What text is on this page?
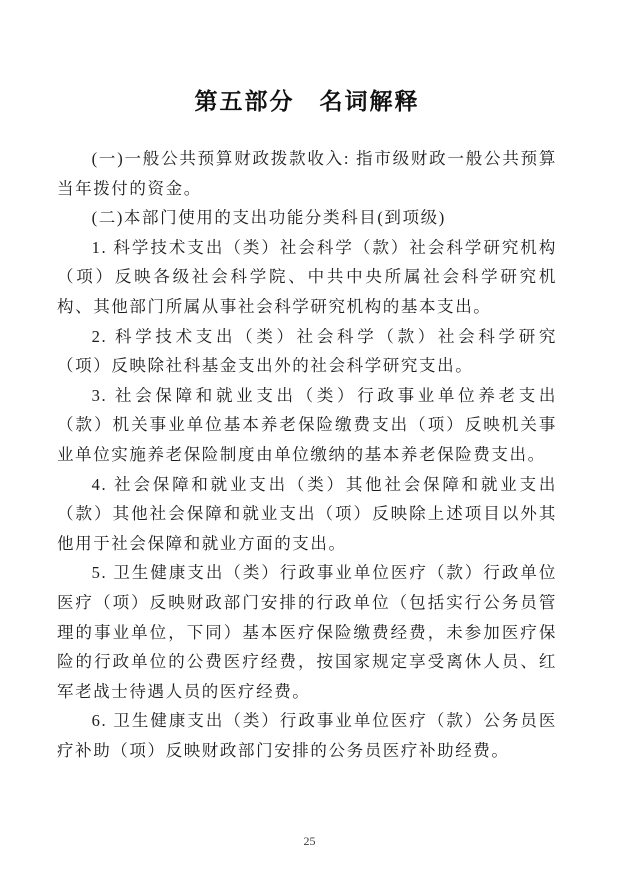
第五部分　名词解释

(一)一般公共预算财政拨款收入: 指市级财政一般公共预算当年拨付的资金。

(二)本部门使用的支出功能分类科目(到项级)

1. 科学技术支出（类）社会科学（款）社会科学研究机构（项）反映各级社会科学院、中共中央所属社会科学研究机构、其他部门所属从事社会科学研究机构的基本支出。

2. 科学技术支出（类）社会科学（款）社会科学研究（项）反映除社科基金支出外的社会科学研究支出。

3. 社会保障和就业支出（类）行政事业单位养老支出（款）机关事业单位基本养老保险缴费支出（项）反映机关事业单位实施养老保险制度由单位缴纳的基本养老保险费支出。

4. 社会保障和就业支出（类）其他社会保障和就业支出（款）其他社会保障和就业支出（项）反映除上述项目以外其他用于社会保障和就业方面的支出。

5. 卫生健康支出（类）行政事业单位医疗（款）行政单位医疗（项）反映财政部门安排的行政单位（包括实行公务员管理的事业单位，下同）基本医疗保险缴费经费，未参加医疗保险的行政单位的公费医疗经费，按国家规定享受离休人员、红军老战士待遇人员的医疗经费。

6. 卫生健康支出（类）行政事业单位医疗（款）公务员医疗补助（项）反映财政部门安排的公务员医疗补助经费。

25
